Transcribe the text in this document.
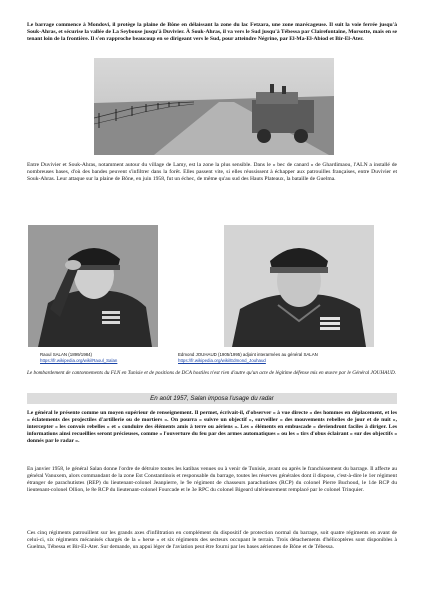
Le barrage commence à Mondovi, il protège la plaine de Bône en délaissant la zone du lac Fetzara, une zone marécageuse. Il suit la voie ferrée jusqu'à Souk-Ahras, et sécurise la vallée de La Seybouse jusqu'à Duvivier. À Souk-Ahras, il va vers le Sud jusqu'à Tébessa par Clairefontaine, Morsotte, mais en se tenant loin de la frontière. Il s'en rapproche beaucoup en se dirigeant vers le Sud, pour atteindre Négrine, par El-Ma-El-Abiod et Bir-El-Ater.

Entre Duvivier et Souk-Ahras, notamment autour du village de Lamy, est la zone la plus sensible. Dans le « bec de canard » de Ghardimaou, l'ALN a installé de nombreuses bases, d'où des bandes peuvent s'infiltrer dans la forêt. Elles passent vite, si elles réussissent à échapper aux patrouilles françaises, entre Duvivier et Souk-Ahras. Leur attaque sur la plaine de Bône, en juin 1958, fut un échec, de même qu'au sud des Hauts Plateaux, la bataille de Guelma.

Raoul SALAN (1899/1984)

https://fr.wikipedia.org/wiki/Raoul_Salan

Edmond JOUHAUD (1905/1995) adjoint interarmées au général SALAN

https://fr.wikipedia.org/wiki/Edmond_Jouhaud

Le bombardement de cantonnements du FLN en Tunisie et de positions de DCA hostiles n'est rien d'autre qu'un acte de légitime défense mis en œuvre par le Général JOUHAUD.

En août 1957, Salan imposa l'usage du radar

Le général le présente comme un moyen supérieur de renseignement. Il permet, écrivait-il, d'observer « à vue directe » des hommes en déplacement, et les « éclatements des projectiles d'artillerie ou de mortiers ». On pourra « suivre un objectif », surveiller « des mouvements rebelles de jour et de nuit », intercepter « les convois rebelles » et « conduire des éléments amis à terre ou aériens ». Les « éléments en embuscade » deviendront faciles à diriger. Les informations ainsi recueillies seront précieuses, comme « l'ouverture du feu par des armes automatiques » ou les « tirs d'obus éclairant » sur des objectifs « donnés par le radar ».

En janvier 1958, le général Salan donne l'ordre de détruire toutes les katibas venues ou à venir de Tunisie, avant ou après le franchissement du barrage. Il affecte au général Vanuxem, alors commandant de la zone Est Constantinois et responsable du barrage, toutes les réserves générales dont il dispose, c'est-à-dire le 1er régiment étranger de parachutistes (REP) du lieutenant-colonel Jeanpierre, le 9e régiment de chasseurs parachutistes (RCP) du colonel Pierre Buchoud, le 14e RCP du lieutenant-colonel Ollion, le 8e RCP du lieutenant-colonel Fourcade et le 3e RPC du colonel Bigeard ultérieurement remplacé par le colonel Trinquier.

Ces cinq régiments patrouillent sur les grands axes d'infiltration en complément du dispositif de protection normal du barrage, soit quatre régiments en avant de celui-ci, six régiments mécanisés chargés de la « herse » et six régiments des secteurs occupant le terrain. Trois détachements d'hélicoptères sont disponibles à Guelma, Tébessa et Bir-El-Ater. Sur demande, un appui léger de l'aviation peut être fourni par les bases aériennes de Bône et de Tébessa.
